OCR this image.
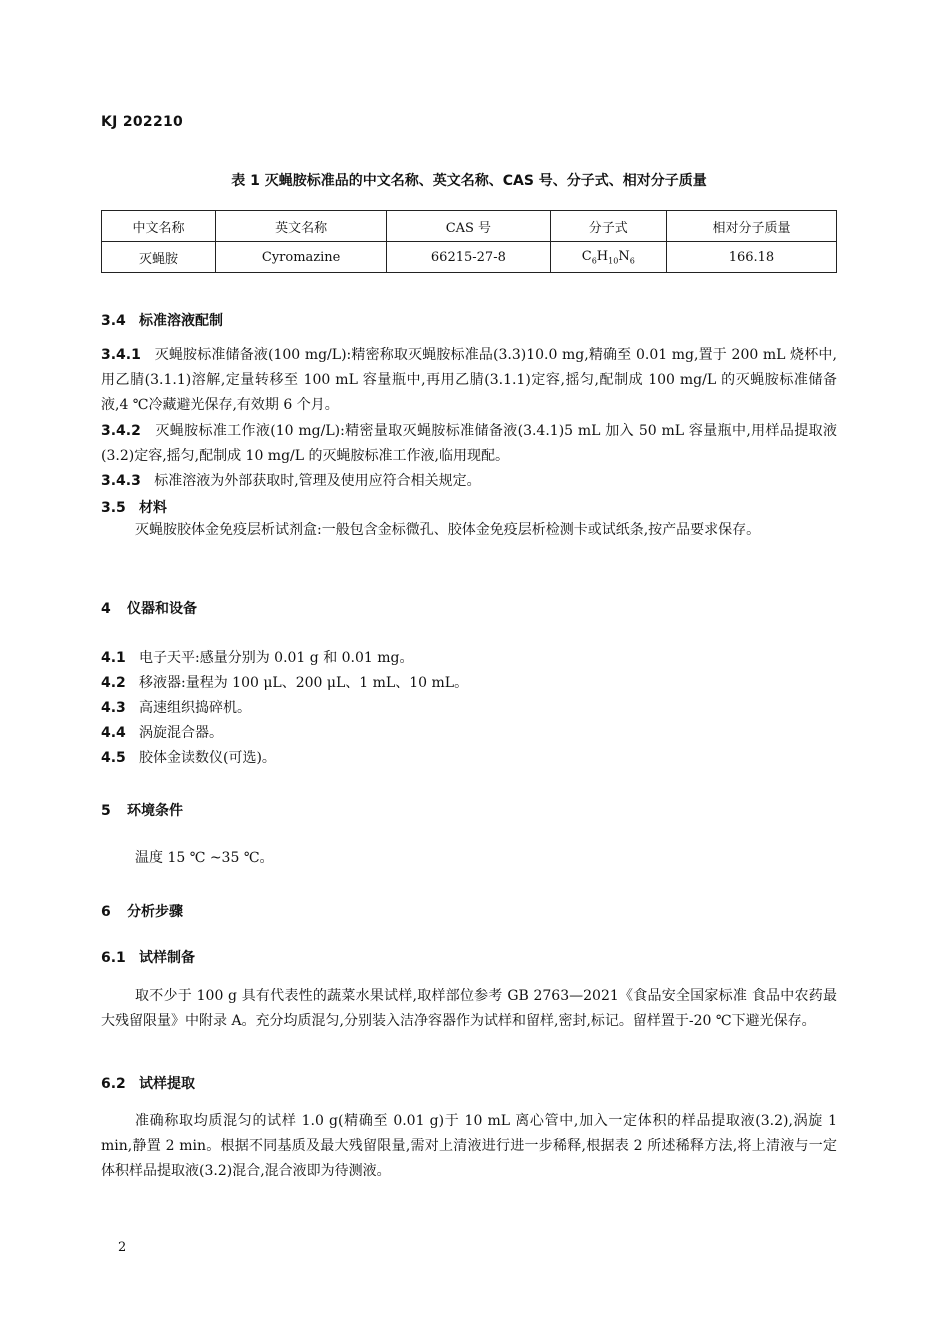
KJ 202210
表 1 灭蝇胺标准品的中文名称、英文名称、CAS 号、分子式、相对分子质量
中文名称	英文名称	CAS 号	分子式	相对分子质量
灭蝇胺	Cyromazine	66215-27-8	$C_6H_{10}N_6$	166.18
3.4 标准溶液配制
3.4.1 灭蝇胺标准储备液(100 mg/L):精密称取灭蝇胺标准品(3.3)10.0 mg,精确至 0.01 mg,置于 200 mL 烧杯中,用乙腈(3.1.1)溶解,定量转移至 100 mL 容量瓶中,再用乙腈(3.1.1)定容,摇匀,配制成 100 mg/L 的灭蝇胺标准储备液,4 ℃冷藏避光保存,有效期 6 个月。
3.4.2 灭蝇胺标准工作液(10 mg/L):精密量取灭蝇胺标准储备液(3.4.1)5 mL 加入 50 mL 容量瓶中,用样品提取液(3.2)定容,摇匀,配制成 10 mg/L 的灭蝇胺标准工作液,临用现配。
3.4.3 标准溶液为外部获取时,管理及使用应符合相关规定。
3.5 材料
灭蝇胺胶体金免疫层析试剂盒:一般包含金标微孔、胶体金免疫层析检测卡或试纸条,按产品要求保存。
4 仪器和设备
4.1 电子天平:感量分别为 0.01 g 和 0.01 mg。
4.2 移液器:量程为 100 μL、200 μL、1 mL、10 mL。
4.3 高速组织捣碎机。
4.4 涡旋混合器。
4.5 胶体金读数仪(可选)。
5 环境条件
温度 15 ℃ ~35 ℃。
6 分析步骤
6.1 试样制备
取不少于 100 g 具有代表性的蔬菜水果试样,取样部位参考 GB 2763—2021《食品安全国家标准 食品中农药最大残留限量》中附录 A。充分均质混匀,分别装入洁净容器作为试样和留样,密封,标记。留样置于-20 ℃下避光保存。
6.2 试样提取
准确称取均质混匀的试样 1.0 g(精确至 0.01 g)于 10 mL 离心管中,加入一定体积的样品提取液(3.2),涡旋 1 min,静置 2 min。根据不同基质及最大残留限量,需对上清液进行进一步稀释,根据表 2 所述稀释方法,将上清液与一定体积样品提取液(3.2)混合,混合液即为待测液。
2
